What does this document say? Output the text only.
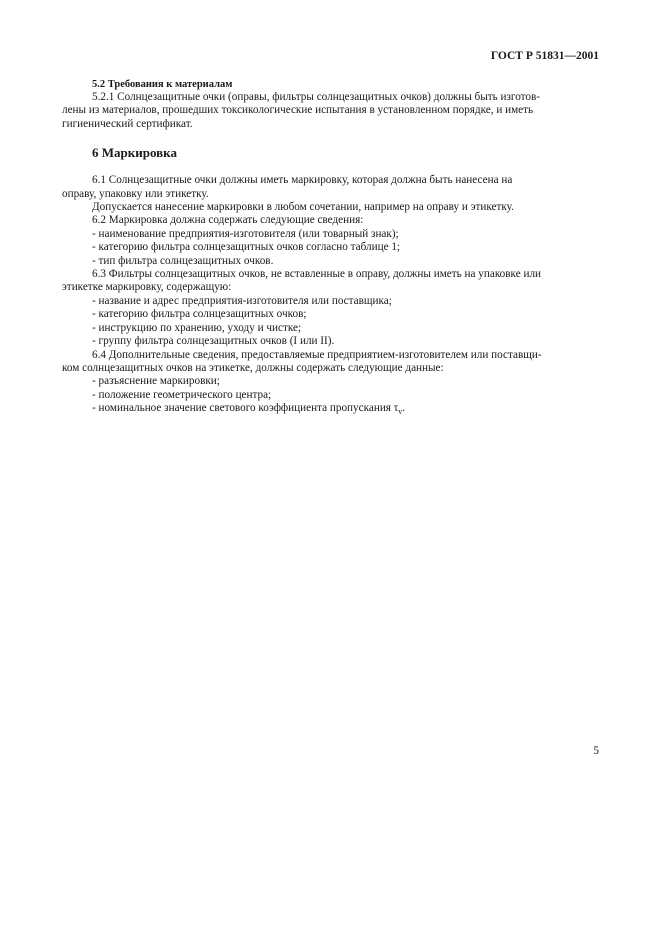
ГОСТ Р 51831—2001
5.2 Требования к материалам
5.2.1 Солнцезащитные очки (оправы, фильтры солнцезащитных очков) должны быть изготов-
лены из материалов, прошедших токсикологические испытания в установленном порядке, и иметь
гигиенический сертификат.
6 Маркировка
6.1 Солнцезащитные очки должны иметь маркировку, которая должна быть нанесена на
оправу, упаковку или этикетку.
Допускается нанесение маркировки в любом сочетании, например на оправу и этикетку.
6.2 Маркировка должна содержать следующие сведения:
- наименование предприятия-изготовителя (или товарный знак);
- категорию фильтра солнцезащитных очков согласно таблице 1;
- тип фильтра солнцезащитных очков.
6.3 Фильтры солнцезащитных очков, не вставленные в оправу, должны иметь на упаковке или
этикетке маркировку, содержащую:
- название и адрес предприятия-изготовителя или поставщика;
- категорию фильтра солнцезащитных очков;
- инструкцию по хранению, уходу и чистке;
- группу фильтра солнцезащитных очков (I или II).
6.4 Дополнительные сведения, предоставляемые предприятием-изготовителем или поставщи-
ком солнцезащитных очков на этикетке, должны содержать следующие данные:
- разъяснение маркировки;
- положение геометрического центра;
- номинальное значение светового коэффициента пропускания $\tau_v$.
5
